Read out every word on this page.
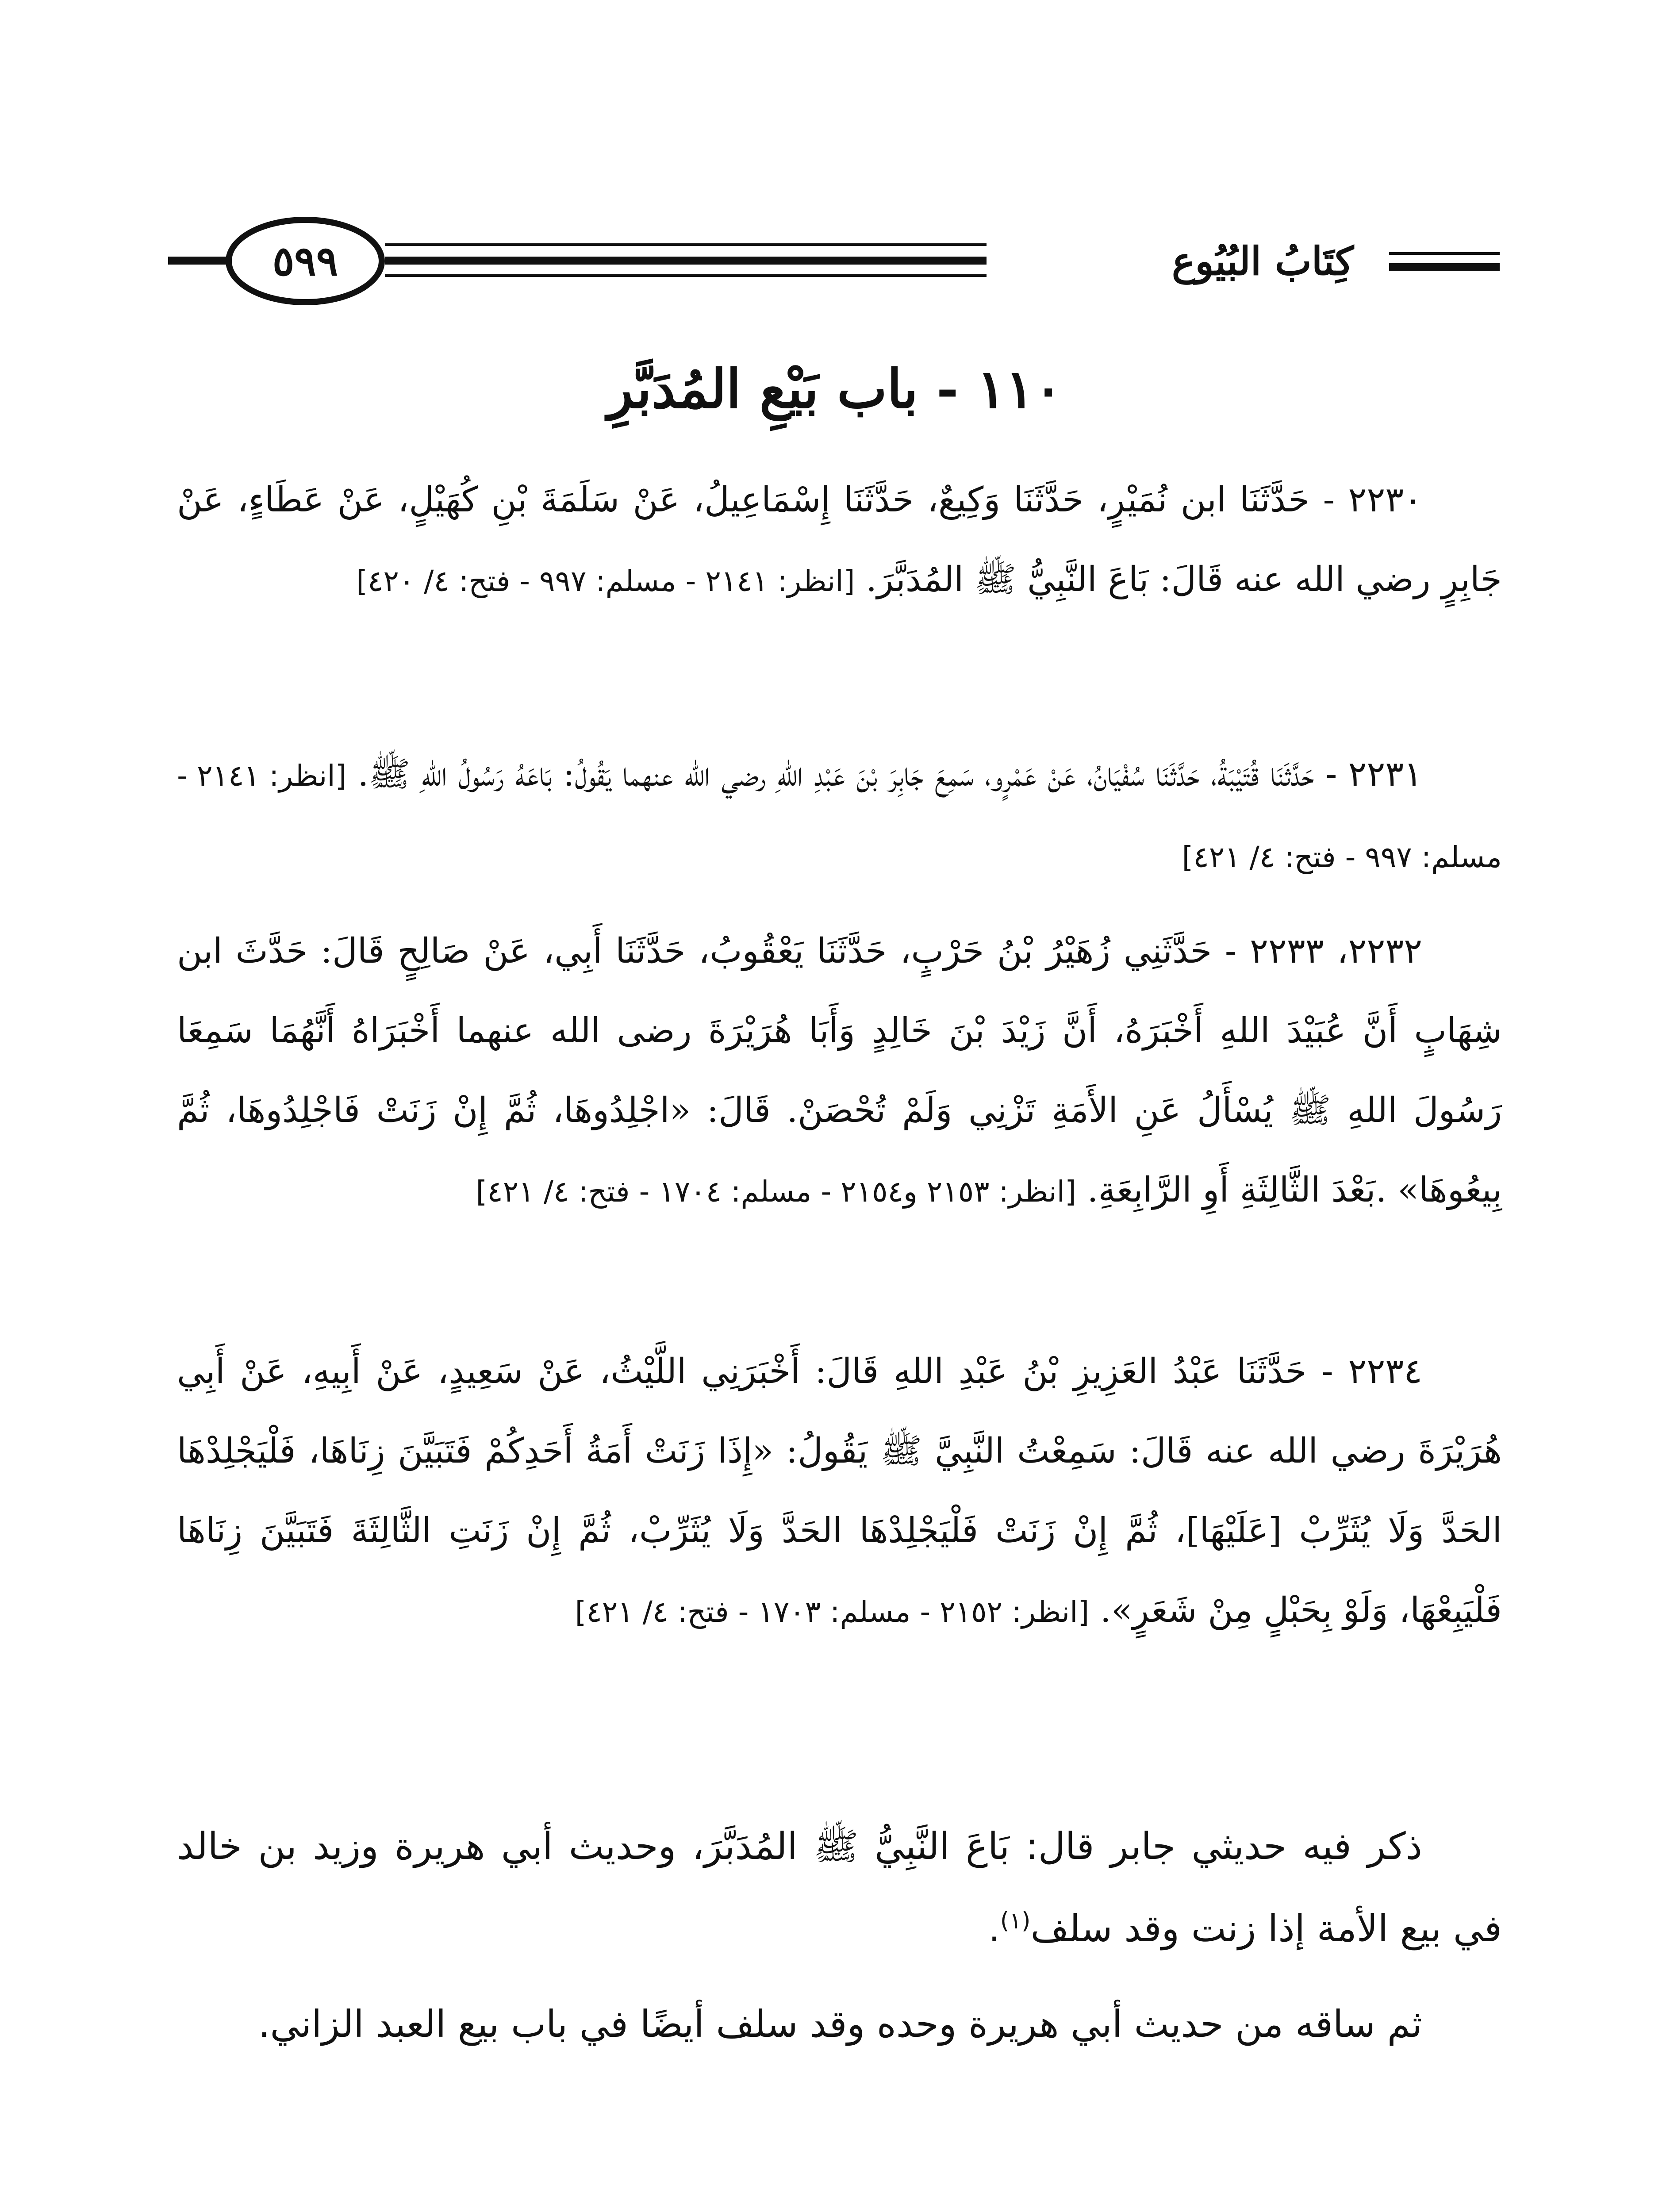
كِتَابُ البُيُوع
٥٩٩
١١٠ - باب بَيْعِ المُدَبَّرِ

٢٢٣٠ - حَدَّثَنَا ابن نُمَيْرٍ، حَدَّثَنَا وَكِيعٌ، حَدَّثَنَا إِسْمَاعِيلُ، عَنْ سَلَمَةَ بْنِ كُهَيْلٍ، عَنْ عَطَاءٍ، عَنْ جَابِرٍ رضي الله عنه قَالَ: بَاعَ النَّبِيُّ ﷺ المُدَبَّرَ. [انظر: ٢١٤١ - مسلم: ٩٩٧ - فتح: ٤/ ٤٢٠]

٢٢٣١ - حَدَّثَنَا قُتَيْبَةُ، حَدَّثَنَا سُفْيَانُ، عَنْ عَمْرٍو، سَمِعَ جَابِرَ بْنَ عَبْدِ اللهِ رضي الله عنهما يَقُولُ: بَاعَهُ رَسُولُ اللهِ ﷺ. [انظر: ٢١٤١ - مسلم: ٩٩٧ - فتح: ٤/ ٤٢١]

٢٢٣٢، ٢٢٣٣ - حَدَّثَنِي زُهَيْرُ بْنُ حَرْبٍ، حَدَّثَنَا يَعْقُوبُ، حَدَّثَنَا أَبِي، عَنْ صَالِحٍ قَالَ: حَدَّثَ ابن شِهَابٍ أَنَّ عُبَيْدَ اللهِ أَخْبَرَهُ، أَنَّ زَيْدَ بْنَ خَالِدٍ وَأَبَا هُرَيْرَةَ رضى الله عنهما أَخْبَرَاهُ أَنَّهُمَا سَمِعَا رَسُولَ اللهِ ﷺ يُسْأَلُ عَنِ الأَمَةِ تَزْنِي وَلَمْ تُحْصَنْ. قَالَ: «اجْلِدُوهَا، ثُمَّ إِنْ زَنَتْ فَاجْلِدُوهَا، ثُمَّ بِيعُوهَا» .بَعْدَ الثَّالِثَةِ أَوِ الرَّابِعَةِ. [انظر: ٢١٥٣ و٢١٥٤ - مسلم: ١٧٠٤ - فتح: ٤/ ٤٢١]

٢٢٣٤ - حَدَّثَنَا عَبْدُ العَزِيزِ بْنُ عَبْدِ اللهِ قَالَ: أَخْبَرَنِي اللَّيْثُ، عَنْ سَعِيدٍ، عَنْ أَبِيهِ، عَنْ أَبِي هُرَيْرَةَ رضي الله عنه قَالَ: سَمِعْتُ النَّبِيَّ ﷺ يَقُولُ: «إِذَا زَنَتْ أَمَةُ أَحَدِكُمْ فَتَبَيَّنَ زِنَاهَا، فَلْيَجْلِدْهَا الحَدَّ وَلَا يُثَرِّبْ [عَلَيْهَا]، ثُمَّ إِنْ زَنَتْ فَلْيَجْلِدْهَا الحَدَّ وَلَا يُثَرِّبْ، ثُمَّ إِنْ زَنَتِ الثَّالِثَةَ فَتَبَيَّنَ زِنَاهَا فَلْيَبِعْهَا، وَلَوْ بِحَبْلٍ مِنْ شَعَرٍ». [انظر: ٢١٥٢ - مسلم: ١٧٠٣ - فتح: ٤/ ٤٢١]

ذكر فيه حديثي جابر قال: بَاعَ النَّبِيُّ ﷺ المُدَبَّرَ، وحديث أبي هريرة وزيد بن خالد في بيع الأمة إذا زنت وقد سلف$^{(١)}$.

ثم ساقه من حديث أبي هريرة وحده وقد سلف أيضًا في باب بيع العبد الزاني.
